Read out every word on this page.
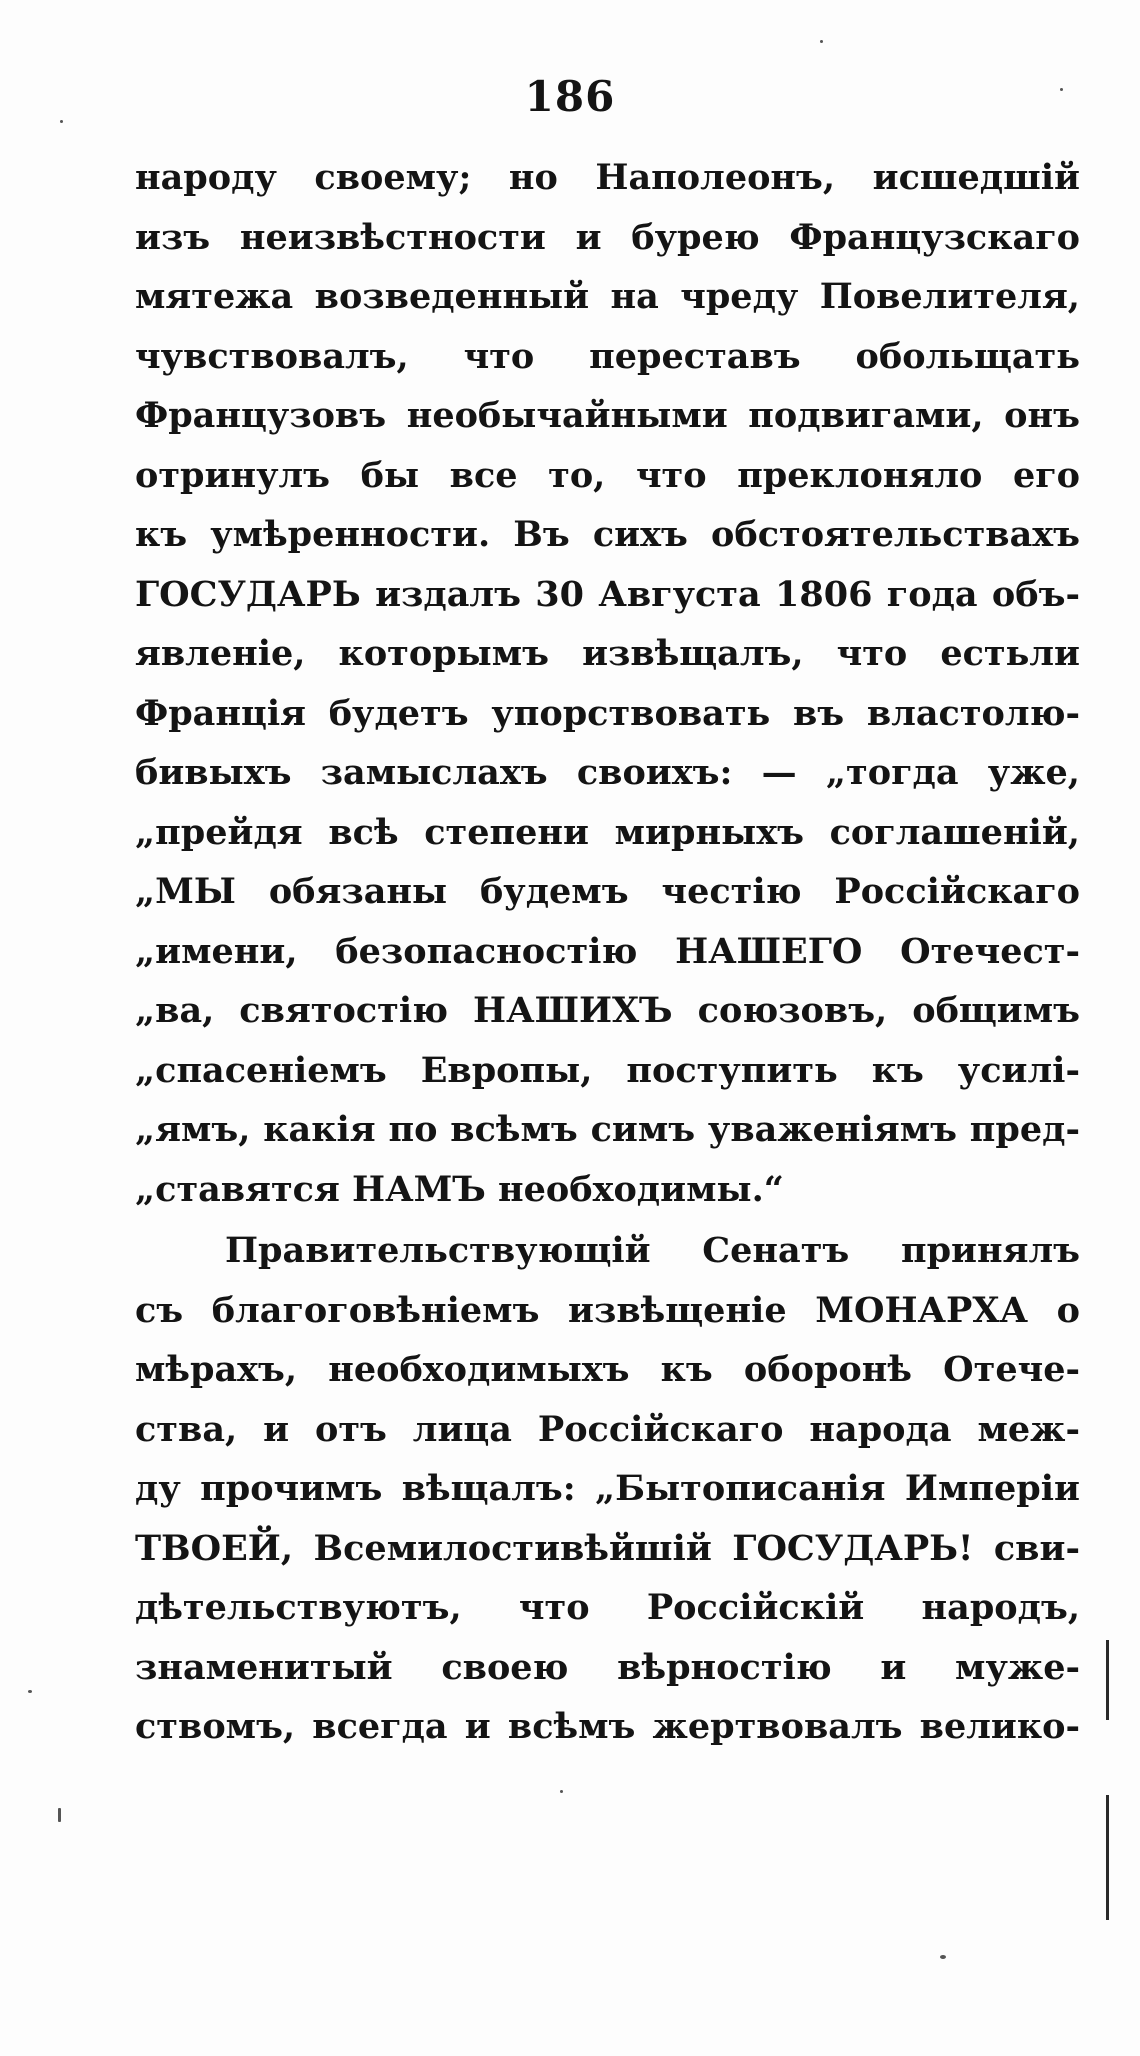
186
народу своему; но Наполеонъ, исшедшій
изъ неизвѣстности и бурею Французскаго
мятежа возведенный на чреду Повелителя,
чувствовалъ, что переставъ обольщать
Французовъ необычайными подвигами, онъ
отринулъ бы все то, что преклоняло его
къ умѣренности. Въ сихъ обстоятельствахъ
ГОСУДАРЬ издалъ 30 Августа 1806 года объ-
явленіе, которымъ извѣщалъ, что естьли
Франція будетъ упорствовать въ властолю-
бивыхъ замыслахъ своихъ: — „тогда уже,
„прейдя всѣ степени мирныхъ соглашеній,
„МЫ обязаны будемъ честію Россійскаго
„имени, безопасностію НАШЕГО Отечест-
„ва, святостію НАШИХЪ союзовъ, общимъ
„спасеніемъ Европы, поступить къ усилі-
„ямъ, какія по всѣмъ симъ уваженіямъ пред-
„ставятся НАМЪ необходимы.“
Правительствующій Сенатъ принялъ
съ благоговѣніемъ извѣщеніе МОНАРХА о
мѣрахъ, необходимыхъ къ оборонѣ Отече-
ства, и отъ лица Россійскаго народа меж-
ду прочимъ вѣщалъ: „Бытописанія Имперіи
ТВОЕЙ, Всемилостивѣйшій ГОСУДАРЬ! сви-
дѣтельствуютъ, что Россійскій народъ,
знаменитый своею вѣрностію и муже-
ствомъ, всегда и всѣмъ жертвовалъ велико-
